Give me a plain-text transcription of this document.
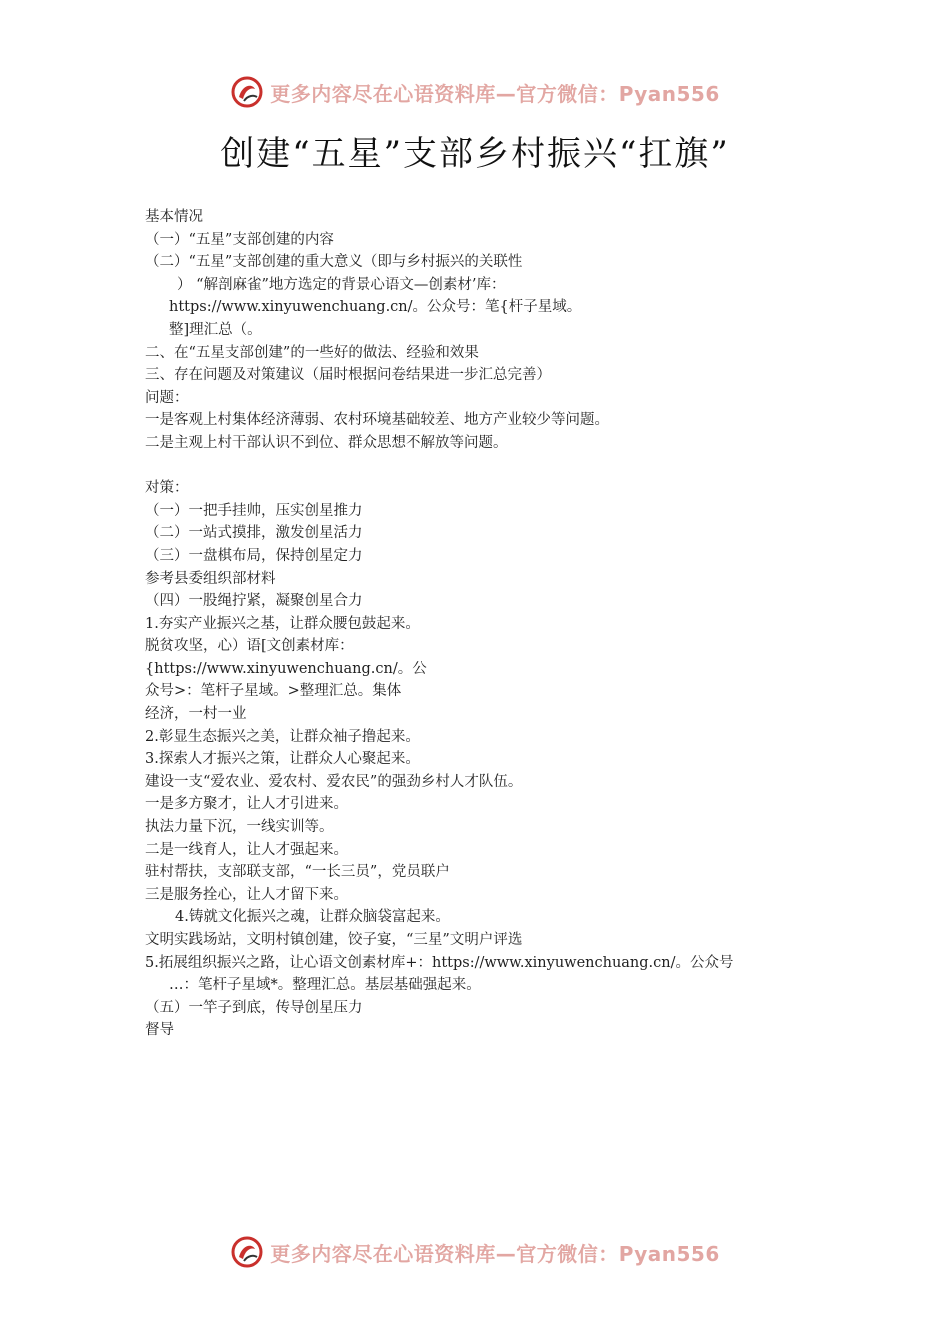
更多内容尽在心语资料库—官方微信：Pyan556
创建“五星”支部乡村振兴“扛旗”
基本情况
（一）“五星”支部创建的内容
（二）“五星”支部创建的重大意义（即与乡村振兴的关联性
） “解剖麻雀”地方选定的背景心语文—创素材’库：
https://www.xinyuwenchuang.cn/。公众号：笔{杆子星域。
整]理汇总（。
二、在“五星支部创建”的一些好的做法、经验和效果
三、存在问题及对策建议（届时根据问卷结果进一步汇总完善）
问题：
一是客观上村集体经济薄弱、农村环境基础较差、地方产业较少等问题。
二是主观上村干部认识不到位、群众思想不解放等问题。
对策：
（一）一把手挂帅，压实创星推力
（二）一站式摸排，激发创星活力
（三）一盘棋布局，保持创星定力
参考县委组织部材料
（四）一股绳拧紧，凝聚创星合力
1.夯实产业振兴之基，让群众腰包鼓起来。
脱贫攻坚，心）语[文创素材库：
{https://www.xinyuwenchuang.cn/。公
众号>：笔杆子星域。>整理汇总。集体
经济，一村一业
2.彰显生态振兴之美，让群众袖子撸起来。
3.探索人才振兴之策，让群众人心聚起来。
建设一支“爱农业、爱农村、爱农民”的强劲乡村人才队伍。
一是多方聚才，让人才引进来。
执法力量下沉，一线实训等。
二是一线育人，让人才强起来。
驻村帮扶，支部联支部，“一长三员”，党员联户
三是服务拴心，让人才留下来。
4.铸就文化振兴之魂，让群众脑袋富起来。
文明实践场站，文明村镇创建，饺子宴，“三星”文明户评选
5.拓展组织振兴之路，让心语文创素材库+：https://www.xinyuwenchuang.cn/。公众号
…：笔杆子星域*。整理汇总。基层基础强起来。
（五）一竿子到底，传导创星压力
督导
更多内容尽在心语资料库—官方微信：Pyan556
